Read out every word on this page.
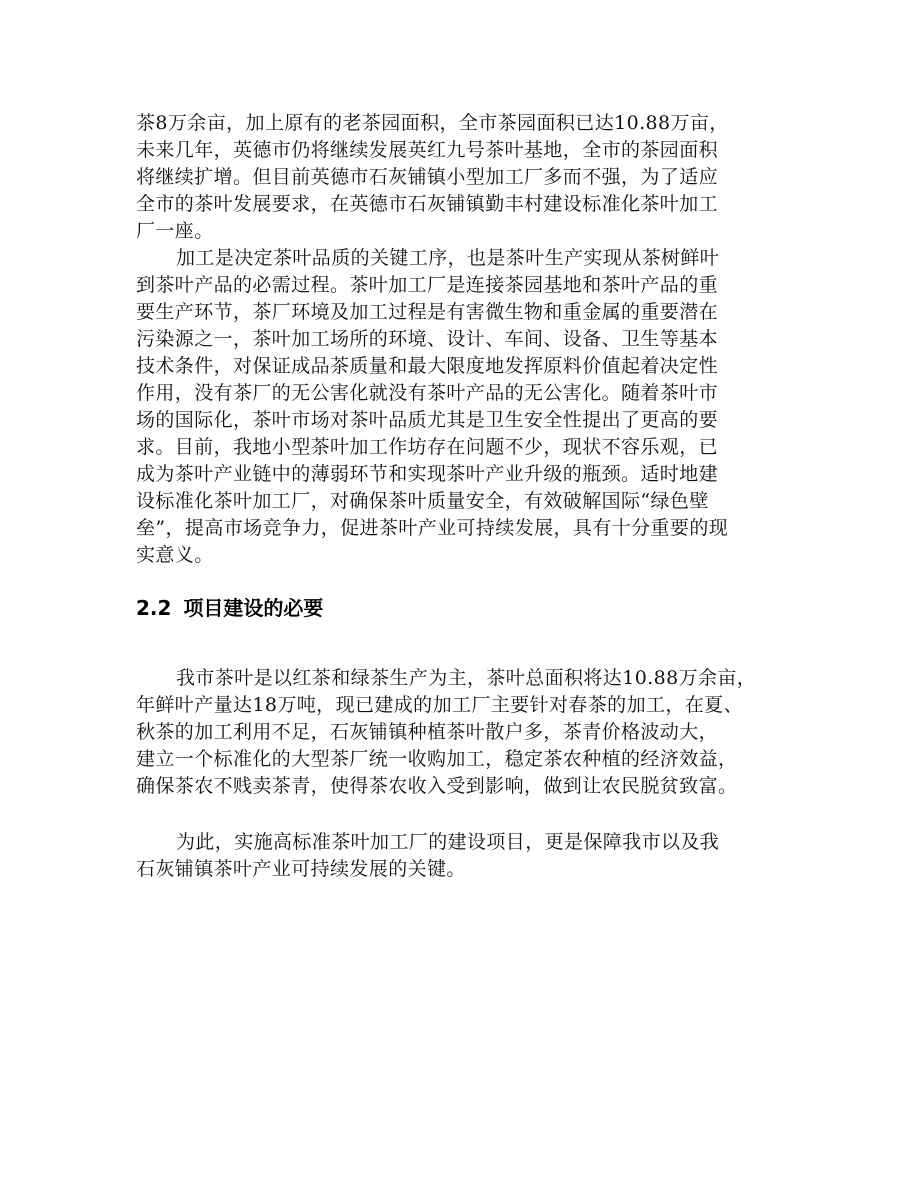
茶8万余亩，加上原有的老茶园面积，全市茶园面积已达10.88万亩，
未来几年，英德市仍将继续发展英红九号茶叶基地，全市的茶园面积
将继续扩增。但目前英德市石灰铺镇小型加工厂多而不强，为了适应
全市的茶叶发展要求，在英德市石灰铺镇勤丰村建设标准化茶叶加工
厂一座。
加工是决定茶叶品质的关键工序，也是茶叶生产实现从茶树鲜叶
到茶叶产品的必需过程。茶叶加工厂是连接茶园基地和茶叶产品的重
要生产环节，茶厂环境及加工过程是有害微生物和重金属的重要潜在
污染源之一，茶叶加工场所的环境、设计、车间、设备、卫生等基本
技术条件，对保证成品茶质量和最大限度地发挥原料价值起着决定性
作用，没有茶厂的无公害化就没有茶叶产品的无公害化。随着茶叶市
场的国际化，茶叶市场对茶叶品质尤其是卫生安全性提出了更高的要
求。目前，我地小型茶叶加工作坊存在问题不少，现状不容乐观，已
成为茶叶产业链中的薄弱环节和实现茶叶产业升级的瓶颈。适时地建
设标准化茶叶加工厂，对确保茶叶质量安全，有效破解国际“绿色壁
垒”，提高市场竞争力，促进茶叶产业可持续发展，具有十分重要的现
实意义。
2.2 项目建设的必要
我市茶叶是以红茶和绿茶生产为主，茶叶总面积将达10.88万余亩，
年鲜叶产量达18万吨，现已建成的加工厂主要针对春茶的加工，在夏、
秋茶的加工利用不足，石灰铺镇种植茶叶散户多，茶青价格波动大，
建立一个标准化的大型茶厂统一收购加工，稳定茶农种植的经济效益，
确保茶农不贱卖茶青，使得茶农收入受到影响，做到让农民脱贫致富。
为此，实施高标准茶叶加工厂的建设项目，更是保障我市以及我
石灰铺镇茶叶产业可持续发展的关键。
